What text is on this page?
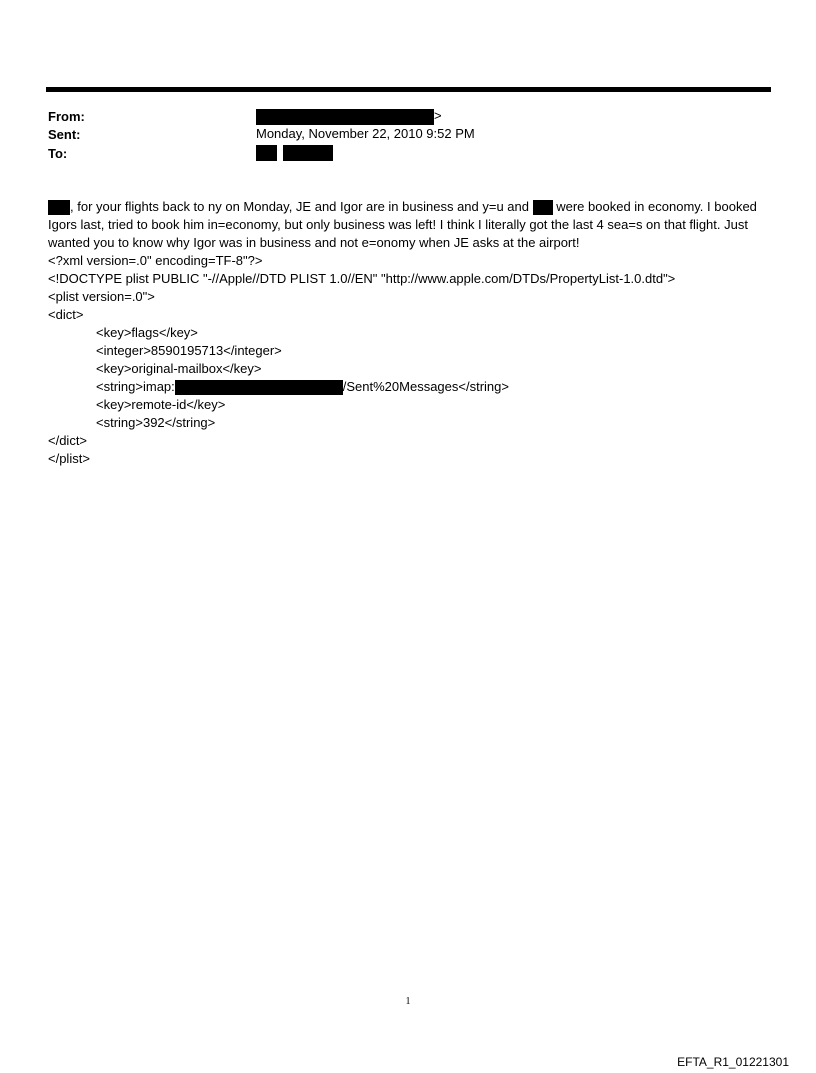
From:	>
Sent:	Monday, November 22, 2010 9:52 PM
To:

, for your flights back to ny on Monday, JE and Igor are in business and y=u and  were booked in economy. I booked Igors last, tried to book him in=economy, but only business was left! I think I literally got the last 4 sea=s on that flight. Just wanted you to know why Igor was in business and not e=onomy when JE asks at the airport!
<?xml version=.0" encoding=TF-8"?>
<!DOCTYPE plist PUBLIC "-//Apple//DTD PLIST 1.0//EN" "http://www.apple.com/DTDs/PropertyList-1.0.dtd">
<plist version=.0">
<dict>
<key>flags</key>
<integer>8590195713</integer>
<key>original-mailbox</key>
<string>imap:	/Sent%20Messages</string>
<key>remote-id</key>
<string>392</string>
</dict>
</plist>
1
EFTA_R1_01221301
